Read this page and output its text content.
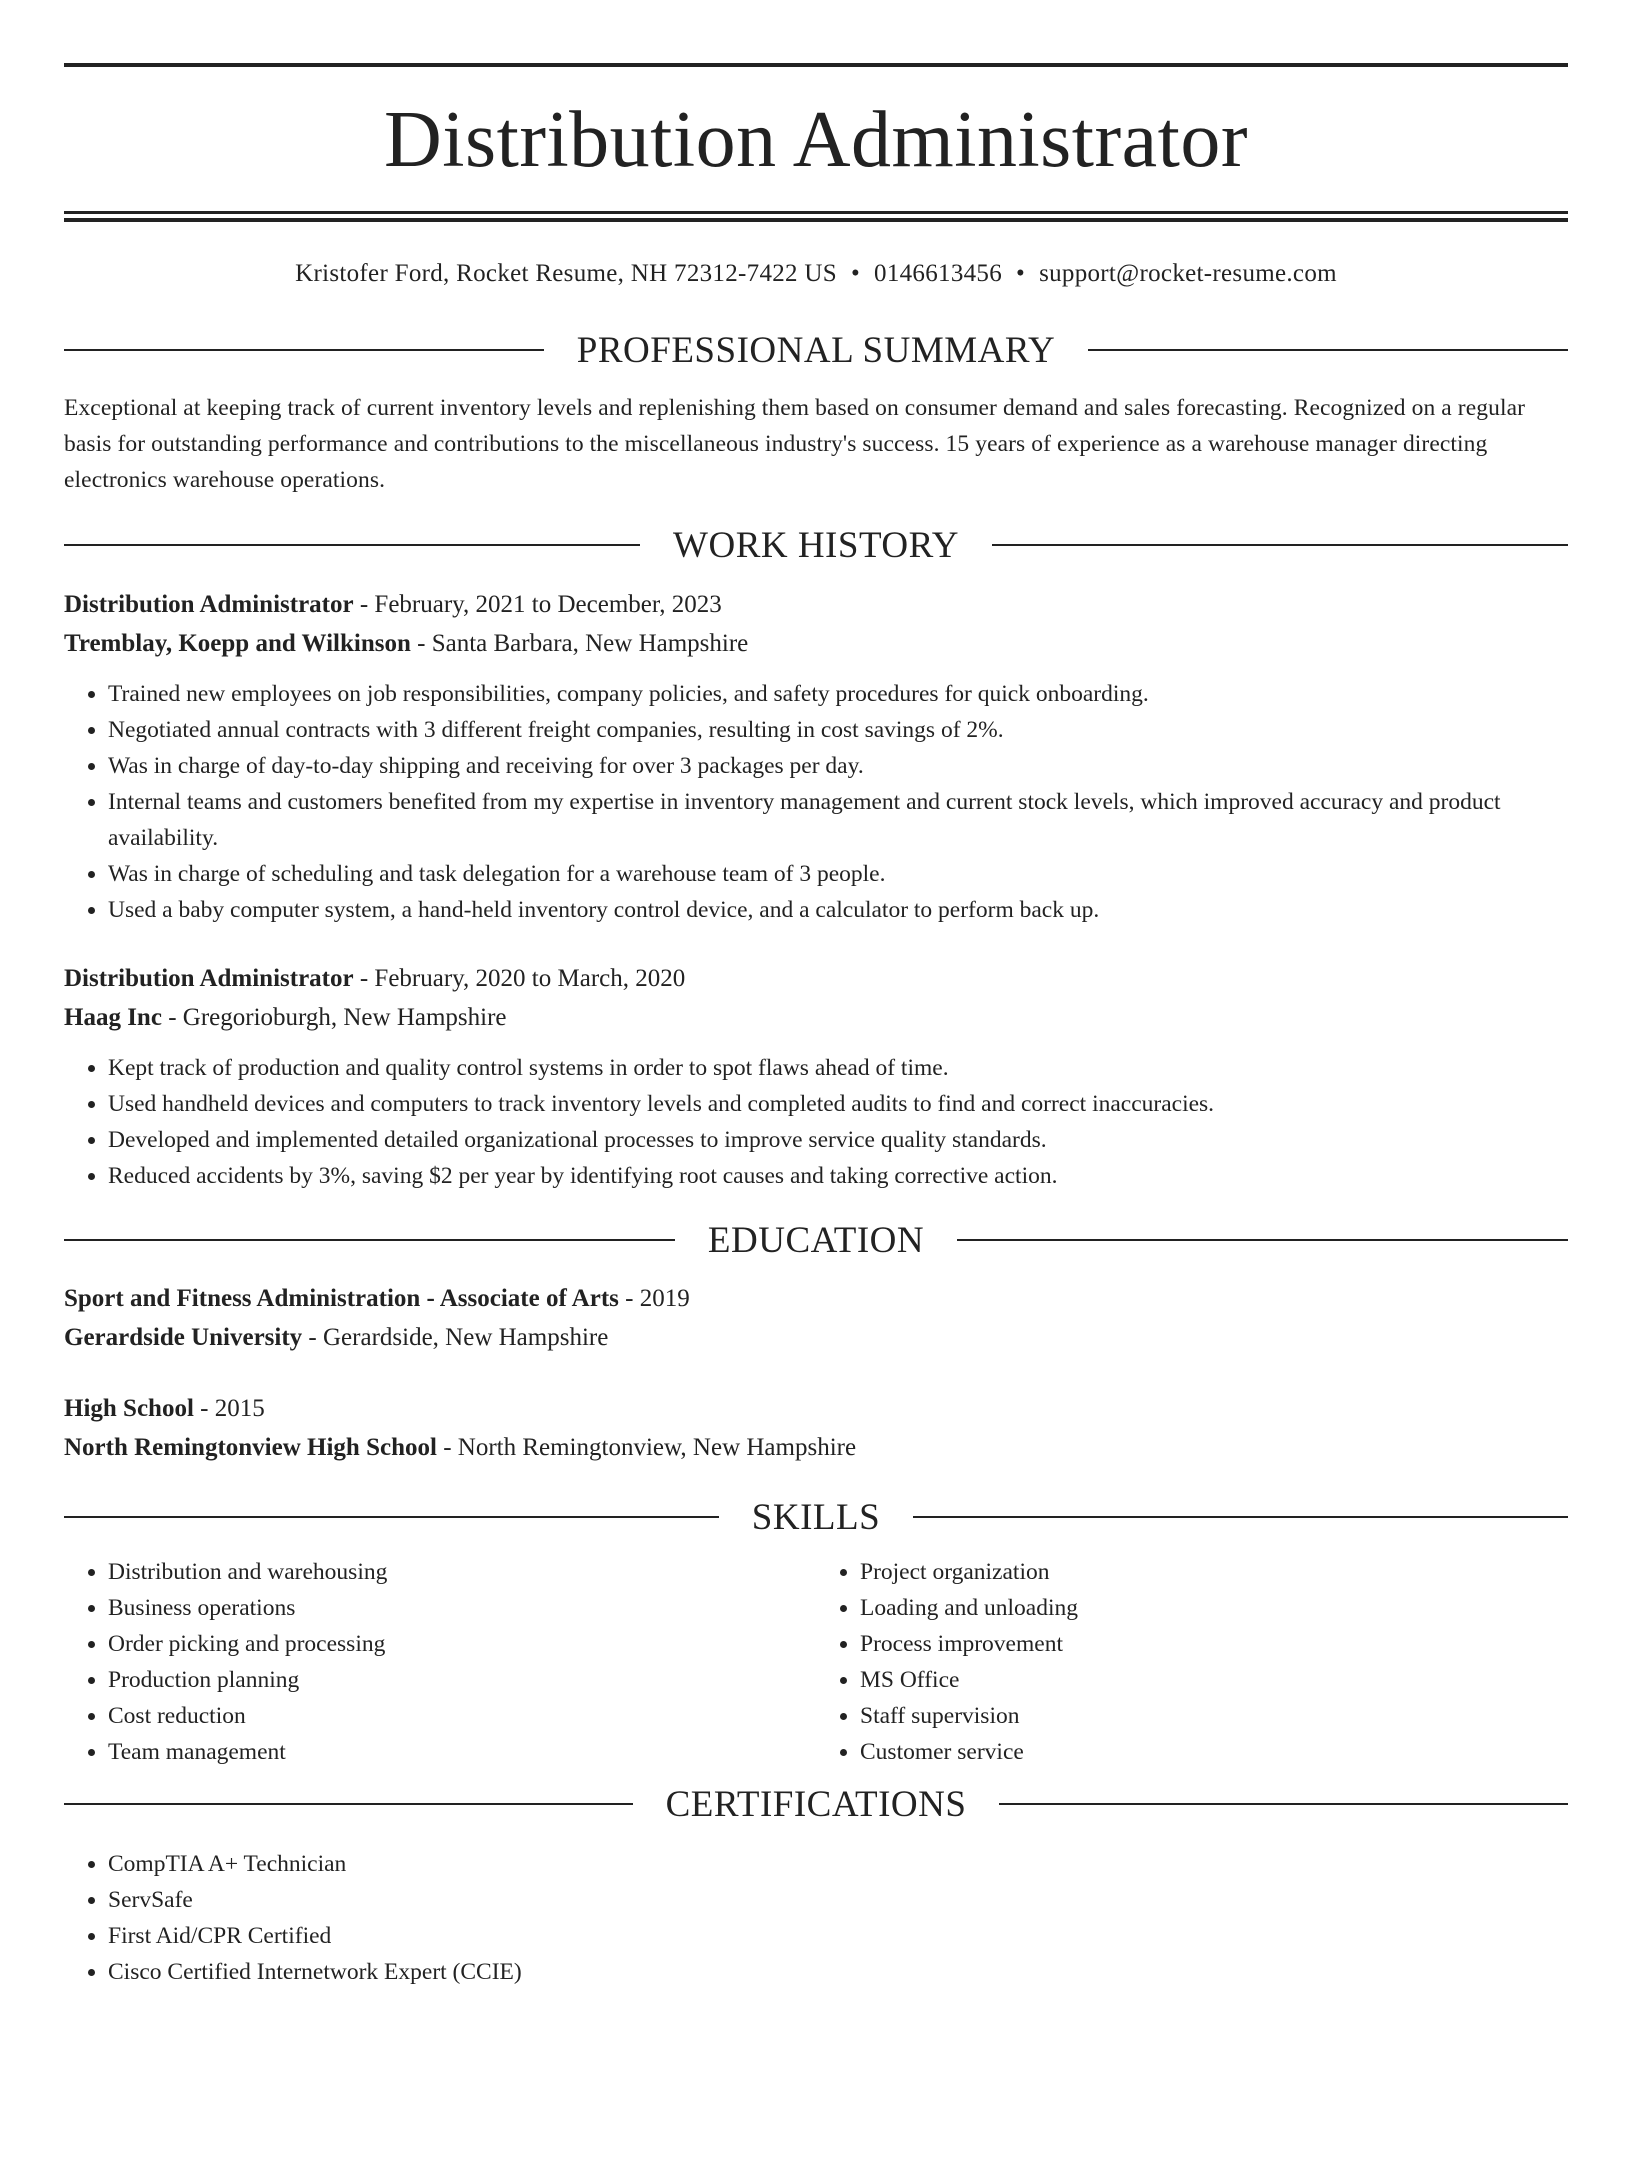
Distribution Administrator
Kristofer Ford, Rocket Resume, NH 72312-7422 US • 0146613456 • support@rocket-resume.com
PROFESSIONAL SUMMARY

Exceptional at keeping track of current inventory levels and replenishing them based on consumer demand and sales forecasting. Recognized on a regular basis for outstanding performance and contributions to the miscellaneous industry's success. 15 years of experience as a warehouse manager directing electronics warehouse operations.

WORK HISTORY
Distribution Administrator - February, 2021 to December, 2023
Tremblay, Koepp and Wilkinson - Santa Barbara, New Hampshire
• Trained new employees on job responsibilities, company policies, and safety procedures for quick onboarding.
• Negotiated annual contracts with 3 different freight companies, resulting in cost savings of 2%.
• Was in charge of day-to-day shipping and receiving for over 3 packages per day.
• Internal teams and customers benefited from my expertise in inventory management and current stock levels, which improved accuracy and product availability.
• Was in charge of scheduling and task delegation for a warehouse team of 3 people.
• Used a baby computer system, a hand-held inventory control device, and a calculator to perform back up.
Distribution Administrator - February, 2020 to March, 2020
Haag Inc - Gregorioburgh, New Hampshire
• Kept track of production and quality control systems in order to spot flaws ahead of time.
• Used handheld devices and computers to track inventory levels and completed audits to find and correct inaccuracies.
• Developed and implemented detailed organizational processes to improve service quality standards.
• Reduced accidents by 3%, saving $2 per year by identifying root causes and taking corrective action.
EDUCATION
Sport and Fitness Administration - Associate of Arts - 2019
Gerardside University - Gerardside, New Hampshire
High School - 2015
North Remingtonview High School - North Remingtonview, New Hampshire
SKILLS
• Distribution and warehousing
• Business operations
• Order picking and processing
• Production planning
• Cost reduction
• Team management
• Project organization
• Loading and unloading
• Process improvement
• MS Office
• Staff supervision
• Customer service
CERTIFICATIONS
• CompTIA A+ Technician
• ServSafe
• First Aid/CPR Certified
• Cisco Certified Internetwork Expert (CCIE)
